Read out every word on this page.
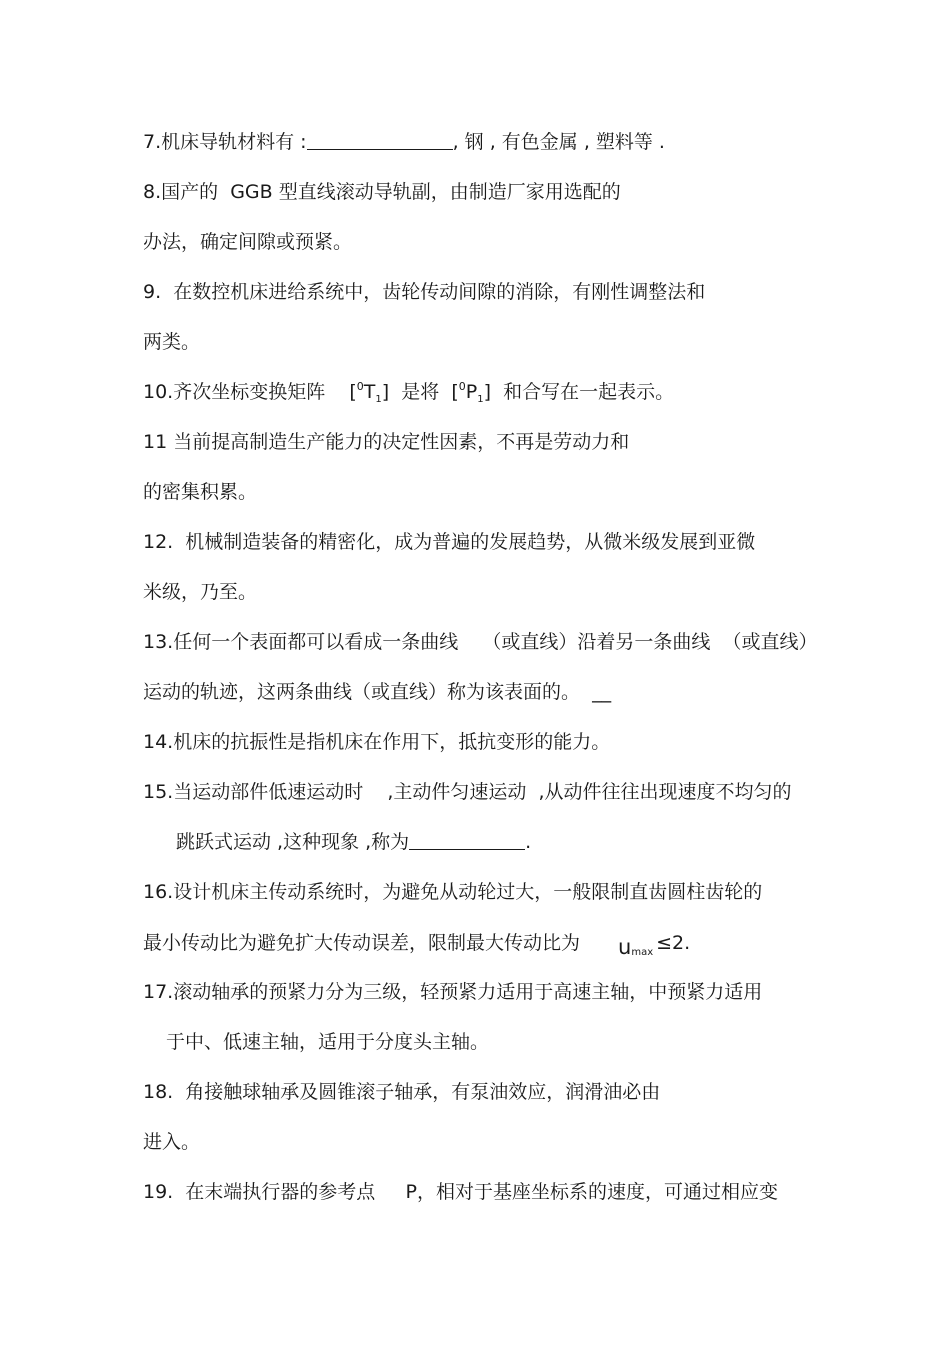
7.机床导轨材料有 :	, 钢 , 有色金属 , 塑料等 .
8.国产的  GGB 型直线滚动导轨副，由制造厂家用选配的
办法，确定间隙或预紧。
9.  在数控机床进给系统中，齿轮传动间隙的消除，有刚性调整法和
两类。
10.齐次坐标变换矩阵    $[^0T_1]$  是将  $[^0P_1]$  和合写在一起表示。
11 当前提高制造生产能力的决定性因素，不再是劳动力和
的密集积累。
12.  机械制造装备的精密化，成为普遍的发展趋势，从微米级发展到亚微
米级，乃至。
13.任何一个表面都可以看成一条曲线    （或直线）沿着另一条曲线  （或直线）
运动的轨迹，这两条曲线（或直线）称为该表面的。  __
14.机床的抗振性是指机床在作用下，抵抗变形的能力。
15.当运动部件低速运动时    ,主动件匀速运动  ,从动件往往出现速度不均匀的
跳跃式运动 ,这种现象 ,称为	.
16.设计机床主传动系统时，为避免从动轮过大，一般限制直齿圆柱齿轮的
最小传动比为避免扩大传动误差，限制最大传动比为 $u_{max} \le 2$.
17.滚动轴承的预紧力分为三级，轻预紧力适用于高速主轴，中预紧力适用
于中、低速主轴，适用于分度头主轴。
18.  角接触球轴承及圆锥滚子轴承，有泵油效应，润滑油必由
进入。
19.  在末端执行器的参考点     P，相对于基座坐标系的速度，可通过相应变
